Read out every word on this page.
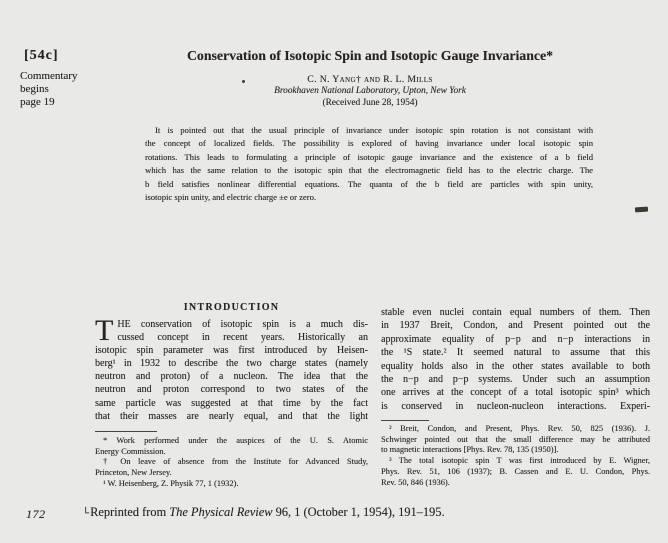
[54c]
Commentary
begins
page 19
Conservation of Isotopic Spin and Isotopic Gauge Invariance*
C. N. Yang† and R. L. Mills
Brookhaven National Laboratory, Upton, New York
(Received June 28, 1954)
It is pointed out that the usual principle of invariance under isotopic spin rotation is not consistant with
the concept of localized fields. The possibility is explored of having invariance under local isotopic spin
rotations. This leads to formulating a principle of isotopic gauge invariance and the existence of a b field
which has the same relation to the isotopic spin that the electromagnetic field has to the electric charge. The
b field satisfies nonlinear differential equations. The quanta of the b field are particles with spin unity,
isotopic spin unity, and electric charge ±e or zero.
INTRODUCTION
T HE conservation of isotopic spin is a much dis-
cussed concept in recent years. Historically an
isotopic spin parameter was first introduced by Heisen-
berg¹ in 1932 to describe the two charge states (namely
neutron and proton) of a nucleon. The idea that the
neutron and proton correspond to two states of the
same particle was suggested at that time by the fact
that their masses are nearly equal, and that the light
stable even nuclei contain equal numbers of them. Then
in 1937 Breit, Condon, and Present pointed out the
approximate equality of p−p and n−p interactions in
the ¹S state.² It seemed natural to assume that this
equality holds also in the other states available to both
the n−p and p−p systems. Under such an assumption
one arrives at the concept of a total isotopic spin³ which
is conserved in nucleon-nucleon interactions. Experi-
* Work performed under the auspices of the U. S. Atomic
Energy Commission.
† On leave of absence from the Institute for Advanced Study,
Princeton, New Jersey.
¹ W. Heisenberg, Z. Physik 77, 1 (1932).
² Breit, Condon, and Present, Phys. Rev. 50, 825 (1936). J.
Schwinger pointed out that the small difference may be attributed
to magnetic interactions [Phys. Rev. 78, 135 (1950)].
³ The total isotopic spin T was first introduced by E. Wigner,
Phys. Rev. 51, 106 (1937); B. Cassen and E. U. Condon, Phys.
Rev. 50, 846 (1936).
172	└Reprinted from The Physical Review 96, 1 (October 1, 1954), 191–195.
